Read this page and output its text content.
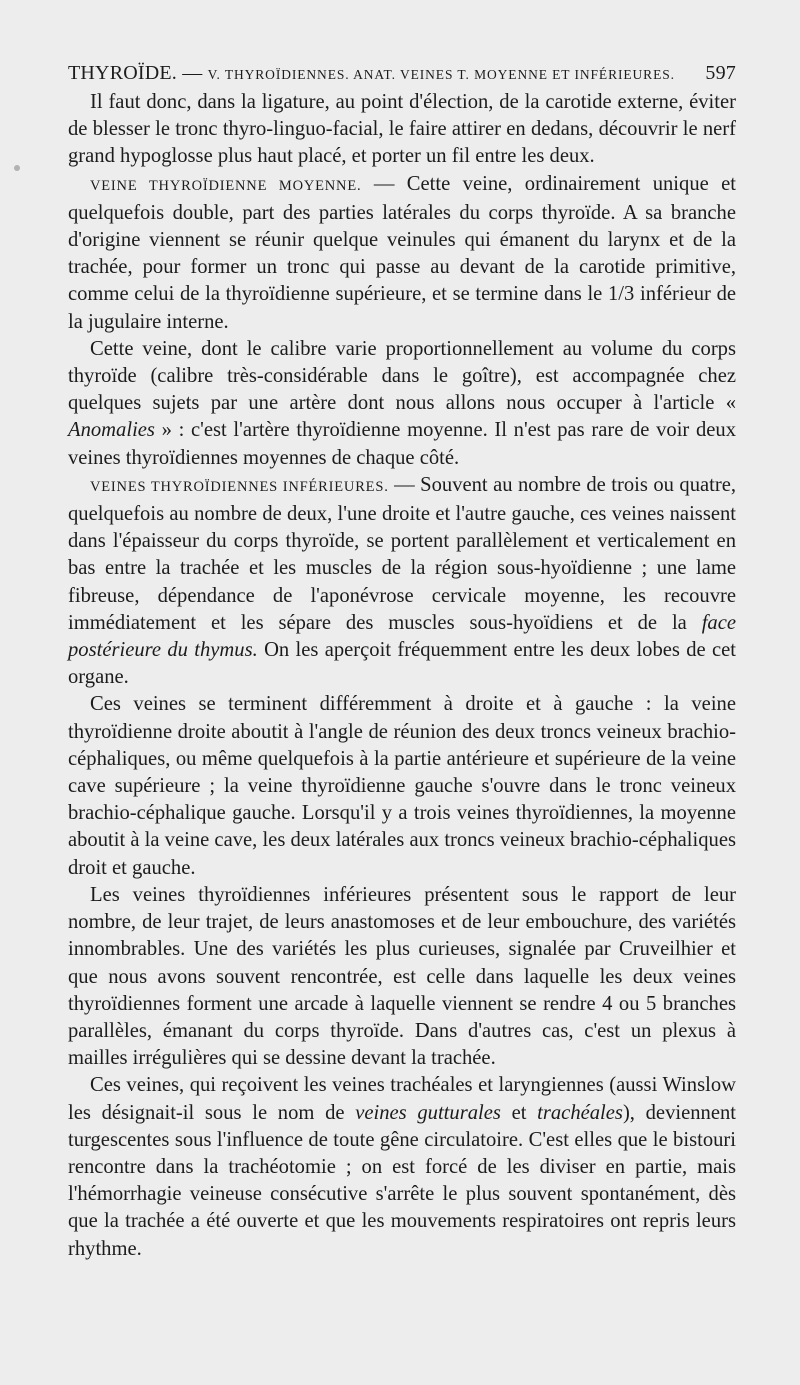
THYROÏDE. — V. THYROÏDIENNES. ANAT. VEINES T. MOYENNE ET INFÉRIEURES. 597

Il faut donc, dans la ligature, au point d'élection, de la carotide externe, éviter de blesser le tronc thyro-linguo-facial, le faire attirer en dedans, découvrir le nerf grand hypoglosse plus haut placé, et porter un fil entre les deux.

VEINE THYROÏDIENNE MOYENNE. — Cette veine, ordinairement unique et quelquefois double, part des parties latérales du corps thyroïde. A sa branche d'origine viennent se réunir quelque veinules qui émanent du larynx et de la trachée, pour former un tronc qui passe au devant de la carotide primitive, comme celui de la thyroïdienne supérieure, et se termine dans le 1/3 inférieur de la jugulaire interne.

Cette veine, dont le calibre varie proportionnellement au volume du corps thyroïde (calibre très-considérable dans le goître), est accompagnée chez quelques sujets par une artère dont nous allons nous occuper à l'article « Anomalies » : c'est l'artère thyroïdienne moyenne. Il n'est pas rare de voir deux veines thyroïdiennes moyennes de chaque côté.

VEINES THYROÏDIENNES INFÉRIEURES. — Souvent au nombre de trois ou quatre, quelquefois au nombre de deux, l'une droite et l'autre gauche, ces veines naissent dans l'épaisseur du corps thyroïde, se portent parallèlement et verticalement en bas entre la trachée et les muscles de la région sous-hyoïdienne ; une lame fibreuse, dépendance de l'aponévrose cervicale moyenne, les recouvre immédiatement et les sépare des muscles sous-hyoïdiens et de la face postérieure du thymus. On les aperçoit fréquemment entre les deux lobes de cet organe.

Ces veines se terminent différemment à droite et à gauche : la veine thyroïdienne droite aboutit à l'angle de réunion des deux troncs veineux brachio-céphaliques, ou même quelquefois à la partie antérieure et supérieure de la veine cave supérieure ; la veine thyroïdienne gauche s'ouvre dans le tronc veineux brachio-céphalique gauche. Lorsqu'il y a trois veines thyroïdiennes, la moyenne aboutit à la veine cave, les deux latérales aux troncs veineux brachio-céphaliques droit et gauche.

Les veines thyroïdiennes inférieures présentent sous le rapport de leur nombre, de leur trajet, de leurs anastomoses et de leur embouchure, des variétés innombrables. Une des variétés les plus curieuses, signalée par Cruveilhier et que nous avons souvent rencontrée, est celle dans laquelle les deux veines thyroïdiennes forment une arcade à laquelle viennent se rendre 4 ou 5 branches parallèles, émanant du corps thyroïde. Dans d'autres cas, c'est un plexus à mailles irrégulières qui se dessine devant la trachée.

Ces veines, qui reçoivent les veines trachéales et laryngiennes (aussi Winslow les désignait-il sous le nom de veines gutturales et trachéales), deviennent turgescentes sous l'influence de toute gêne circulatoire. C'est elles que le bistouri rencontre dans la trachéotomie ; on est forcé de les diviser en partie, mais l'hémorrhagie veineuse consécutive s'arrête le plus souvent spontanément, dès que la trachée a été ouverte et que les mouvements respiratoires ont repris leurs rhythme.
